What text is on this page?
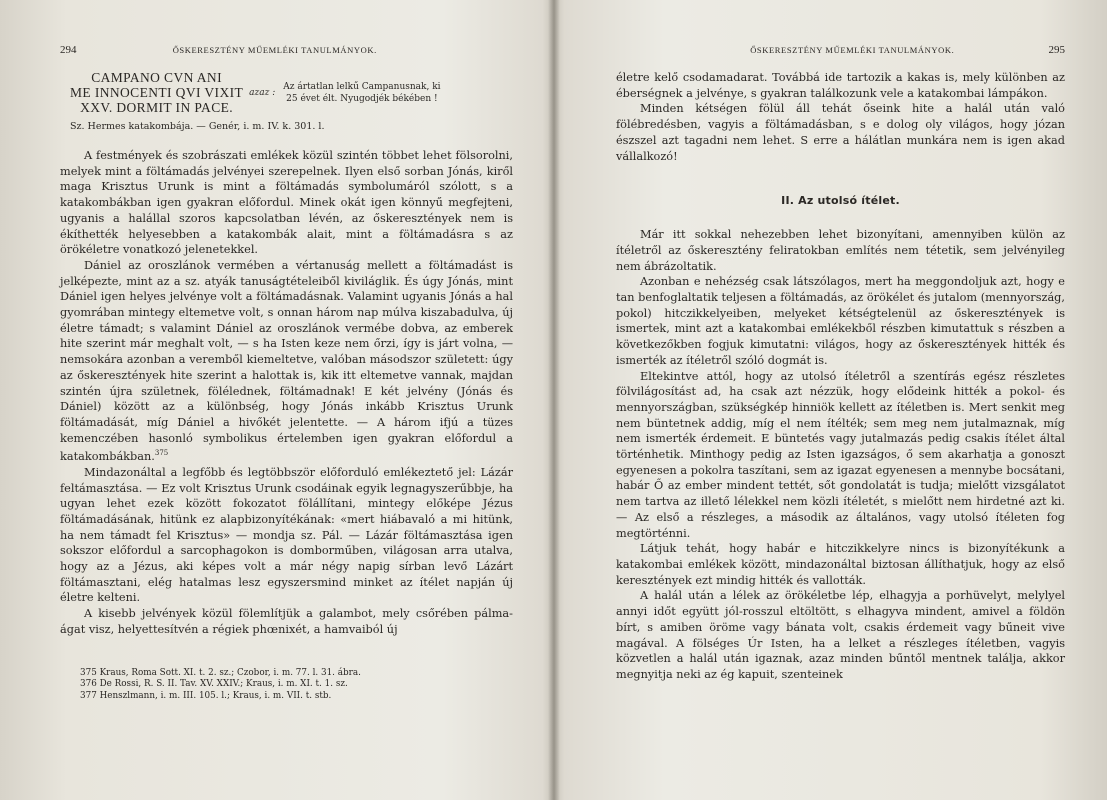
294	ŐSKERESZTÉNY MŰEMLÉKI TANULMÁNYOK.
CAMPANO CVN ANI
ME INNOCENTI QVI VIXIT
XXV. DORMIT IN PACE.
azaz :
Az ártatlan lelkű Campanusnak, ki
25 évet élt. Nyugodjék békében !
Sz. Hermes katakombája. — Genér, i. m. IV. k. 301. l.

A festmények és szobrászati emlékek közül szintén többet lehet fölsorolni, melyek mint a föltámadás jelvényei szerepelnek. Ilyen első sorban Jónás, kiről maga Krisztus Urunk is mint a föltámadás symbolumáról szólott, s a katakombákban igen gyakran előfordul. Minek okát igen könnyű megfejteni, ugyanis a halállal szoros kapcsolatban lévén, az őskeresztények nem is ékíthették helyesebben a katakombák alait, mint a föltámadásra s az örökéletre vonatkozó jelenetekkel.

Dániel az oroszlánok vermében a vértanuság mellett a föltámadást is jelképezte, mint az a sz. atyák tanuságtételeiből kiviláglik. És úgy Jónás, mint Dániel igen helyes jelvénye volt a föltámadásnak. Valamint ugyanis Jónás a hal gyomrában mintegy eltemetve volt, s onnan három nap múlva kiszabadulva, új életre támadt; s valamint Dániel az oroszlánok vermébe dobva, az emberek hite szerint már meghalt volt, — s ha Isten keze nem őrzi, így is járt volna, — nemsokára azonban a veremből kiemeltetve, valóban másodszor született: úgy az őskeresztények hite szerint a halottak is, kik itt eltemetve vannak, majdan szintén újra születnek, fölélednek, föltámadnak! E két jelvény (Jónás és Dániel) között az a különbség, hogy Jónás inkább Krisztus Urunk föltámadását, míg Dániel a hivőkét jelentette. — A három ifjú a tüzes kemenczében hasonló symbolikus értelemben igen gyakran előfordul a katakombákban.$^{375}$

Mindazonáltal a legfőbb és legtöbbször előforduló emlékeztető jel: Lázár feltámasztása. — Ez volt Krisztus Urunk csodáinak egyik legnagyszerűbbje, ha ugyan lehet ezek között fokozatot fölállítani, mintegy előképe Jézus föltámadásának, hitünk ez alapbizonyítékának: «mert hiábavaló a mi hitünk, ha nem támadt fel Krisztus» — mondja sz. Pál. — Lázár föltámasztása igen sokszor előfordul a sarcophagokon is domborműben, világosan arra utalva, hogy az a Jézus, aki képes volt a már négy napig sírban levő Lázárt föltámasztani, elég hatalmas lesz egyszersmind minket az ítélet napján új életre kelteni.

A kisebb jelvények közül fölemlítjük a galambot, mely csőrében pálma-ágat visz, helyettesítvén a régiek phœnixét, a hamvaiból új

375 Kraus, Roma Sott. XI. t. 2. sz.; Czobor, i. m. 77. l. 31. ábra.
376 De Rossi, R. S. II. Tav. XV. XXIV.; Kraus, i. m. XI. t. 1. sz.
377 Henszlmann, i. m. III. 105. l.; Kraus, i. m. VII. t. stb.
ŐSKERESZTÉNY MŰEMLÉKI TANULMÁNYOK.	295

életre kelő csodamadarat. Továbbá ide tartozik a kakas is, mely különben az éberségnek a jelvénye, s gyakran találkozunk vele a katakombai lámpákon.

Minden kétségen fölül áll tehát őseink hite a halál után való fölébredésben, vagyis a föltámadásban, s e dolog oly világos, hogy józan észszel azt tagadni nem lehet. S erre a hálátlan munkára nem is igen akad vállalkozó!

II. Az utolsó ítélet.

Már itt sokkal nehezebben lehet bizonyítani, amennyiben külön az ítéletről az őskeresztény feliratokban említés nem tétetik, sem jelvényileg nem ábrázoltatik.

Azonban e nehézség csak látszólagos, mert ha meggondoljuk azt, hogy e tan benfoglaltatik teljesen a föltámadás, az örökélet és jutalom (mennyország, pokol) hitczikkelyeiben, melyeket kétségtelenül az őskeresztények is ismertek, mint azt a katakombai emlékekből részben kimutattuk s részben a következőkben fogjuk kimutatni: világos, hogy az őskeresztények hitték és ismerték az ítéletről szóló dogmát is.

Eltekintve attól, hogy az utolsó ítéletről a szentírás egész részletes fölvilágosítást ad, ha csak azt nézzük, hogy elődeink hitték a pokol- és mennyországban, szükségkép hinniök kellett az ítéletben is. Mert senkit meg nem büntetnek addig, míg el nem ítélték; sem meg nem jutalmaznak, míg nem ismerték érdemeit. E büntetés vagy jutalmazás pedig csakis ítélet által történhetik. Minthogy pedig az Isten igazságos, ő sem akarhatja a gonoszt egyenesen a pokolra taszítani, sem az igazat egyenesen a mennybe bocsátani, habár Ő az ember mindent tettét, sőt gondolatát is tudja; mielőtt vizsgálatot nem tartva az illető lélekkel nem közli ítéletét, s mielőtt nem hirdetné azt ki. — Az első a részleges, a második az általános, vagy utolsó ítéleten fog megtörténni.

Látjuk tehát, hogy habár e hitczikkelyre nincs is bizonyítékunk a katakombai emlékek között, mindazonáltal biztosan állíthatjuk, hogy az első keresztények ezt mindig hitték és vallották.

A halál után a lélek az örökéletbe lép, elhagyja a porhüvelyt, melylyel annyi időt együtt jól-rosszul eltöltött, s elhagyva mindent, amivel a földön bírt, s amiben öröme vagy bánata volt, csakis érdemeit vagy bűneit vive magával. A fölséges Úr Isten, ha a lelket a részleges ítéletben, vagyis közvetlen a halál után igaznak, azaz minden bűntől mentnek találja, akkor megnyitja neki az ég kapuit, szenteinek
